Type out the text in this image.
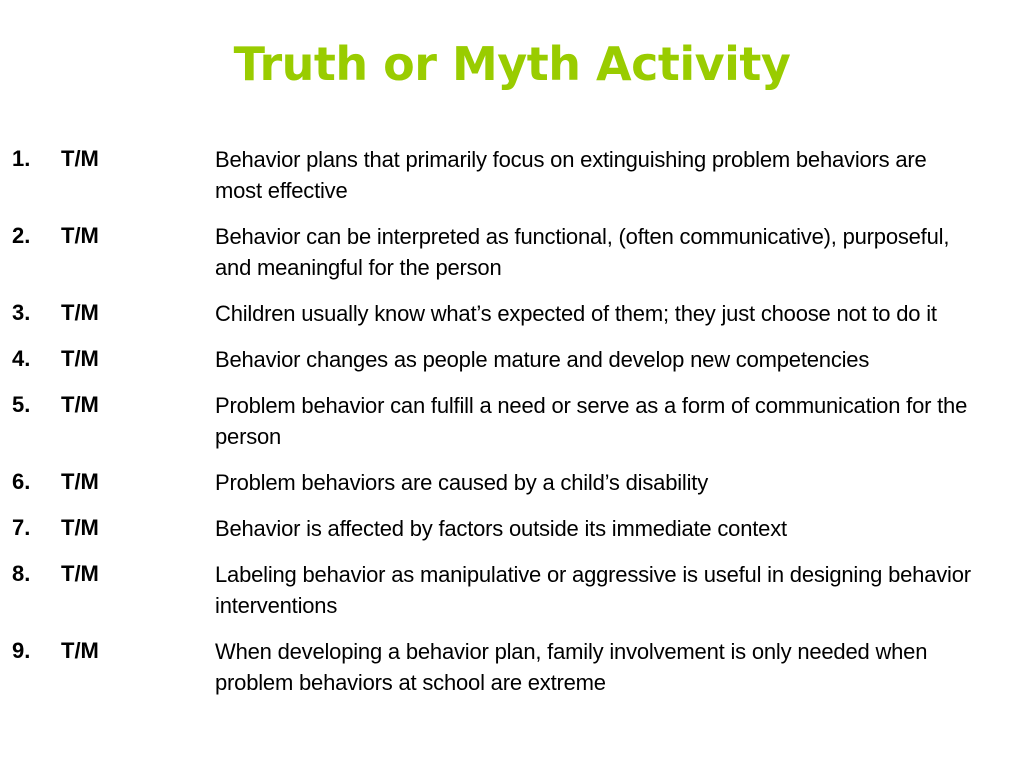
Truth or Myth Activity
1. T/M	Behavior plans that primarily focus on extinguishing problem behaviors are most effective
2. T/M	Behavior can be interpreted as functional, (often communicative), purposeful, and meaningful for the person
3. T/M	Children usually know what’s expected of them; they just choose not to do it
4. T/M	Behavior changes as people mature and develop new competencies
5. T/M	Problem behavior can fulfill a need or serve as a form of communication for the person
6. T/M	Problem behaviors are caused by a child’s disability
7. T/M	Behavior is affected by factors outside its immediate context
8. T/M	Labeling behavior as manipulative or aggressive is useful in designing behavior interventions
9. T/M	When developing a behavior plan, family involvement is only needed when problem behaviors at school are extreme
